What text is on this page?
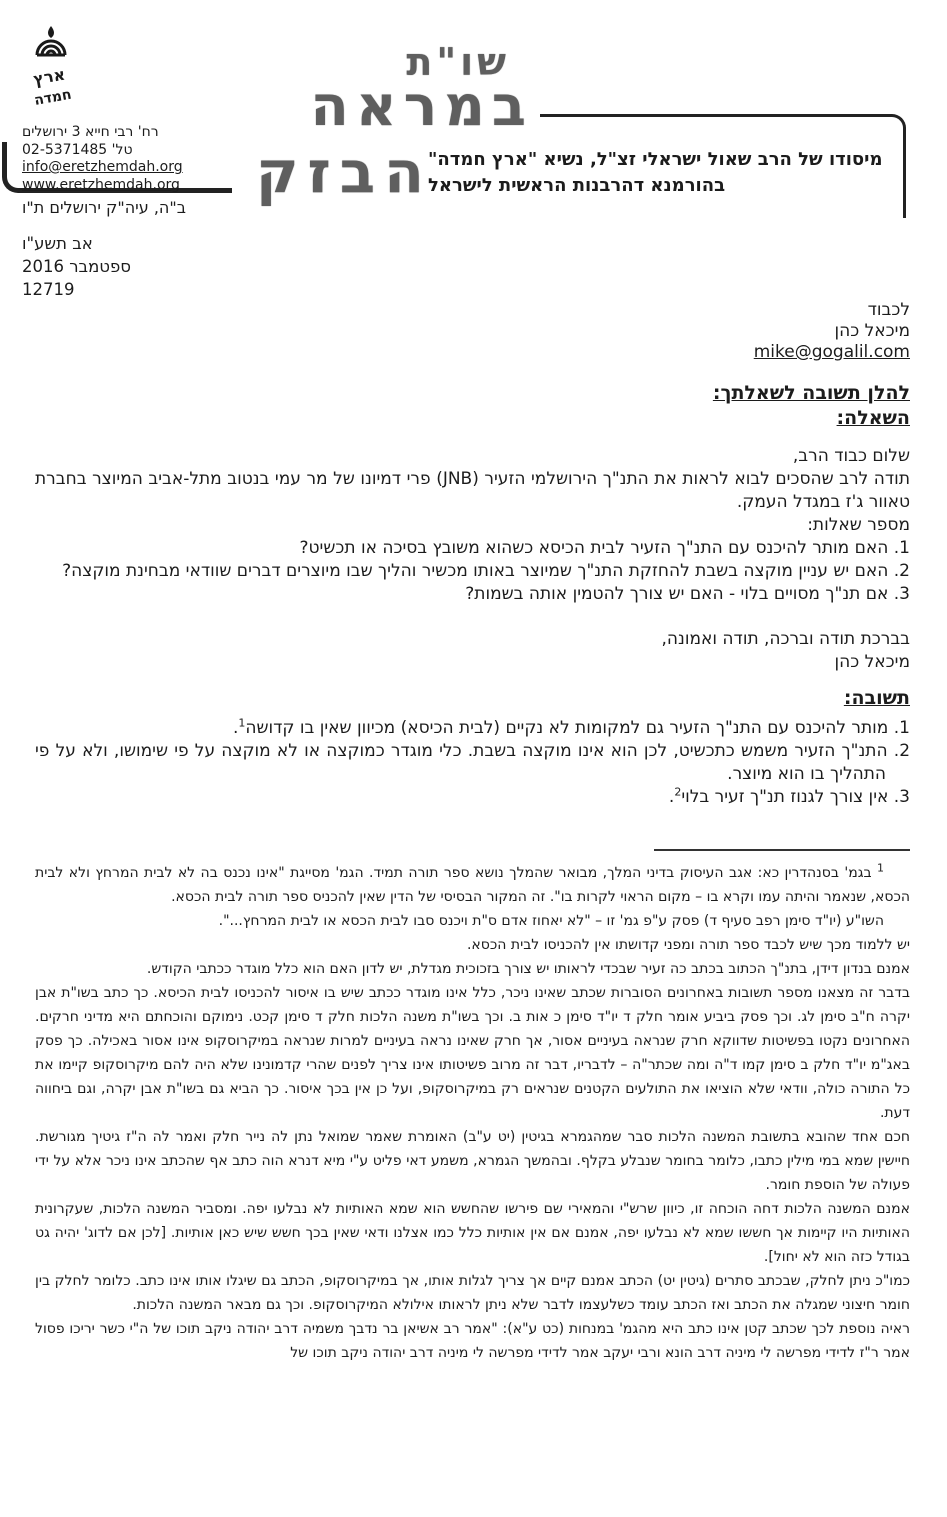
ארץ
חמדה
רח' רבי חייא 3 ירושלים
טל' 02-5371485
info@eretzhemdah.org
www.eretzhemdah.org
ב"ה, עיה"ק ירושלים ת"ו
שו"ת
במראה
הבזק
מיסודו של הרב שאול ישראלי זצ"ל, נשיא "ארץ חמדה"
בהורמנא דהרבנות הראשית לישראל
אב תשע"ו
ספטמבר 2016
12719
לכבוד
מיכאל כהן
mike@gogalil.com
להלן תשובה לשאלתך:
השאלה:
שלום כבוד הרב,
תודה לרב שהסכים לבוא לראות את התנ"ך הירושלמי הזעיר (JNB) פרי דמיונו של מר עמי בנטוב מתל-אביב המיוצר בחברת טאוור ג'ז במגדל העמק.
מספר שאלות:
1. האם מותר להיכנס עם התנ"ך הזעיר לבית הכיסא כשהוא משובץ בסיכה או תכשיט?
2. האם יש עניין מוקצה בשבת להחזקת התנ"ך שמיוצר באותו מכשיר והליך שבו מיוצרים דברים שוודאי מבחינת מוקצה?
3. אם תנ"ך מסויים בלוי - האם יש צורך להטמין אותה בשמות?
בברכת תודה וברכה, תודה ואמונה,
מיכאל כהן
תשובה:
1. מותר להיכנס עם התנ"ך הזעיר גם למקומות לא נקיים (לבית הכיסא) מכיוון שאין בו קדושה$^1$.
2. התנ"ך הזעיר משמש כתכשיט, לכן הוא אינו מוקצה בשבת. כלי מוגדר כמוקצה או לא מוקצה על פי שימושו, ולא על פי התהליך בו הוא מיוצר.
3. אין צורך לגנוז תנ"ך זעיר בלוי$^2$.

$^1$ בגמ' בסנהדרין כא: אגב העיסוק בדיני המלך, מבואר שהמלך נושא ספר תורה תמיד. הגמ' מסייגת "אינו נכנס בה לא לבית המרחץ ולא לבית הכסא, שנאמר והיתה עמו וקרא בו – מקום הראוי לקרות בו". זה המקור הבסיסי של הדין שאין להכניס ספר תורה לבית הכסא.

השו"ע (יו"ד סימן רפב סעיף ד) פסק ע"פ גמ' זו – "לא יאחוז אדם ס"ת ויכנס סבו לבית הכסא או לבית המרחץ...".

יש ללמוד מכך שיש לכבד ספר תורה ומפני קדושתו אין להכניסו לבית הכסא.

אמנם בנדון דידן, בתנ"ך הכתוב בכתב כה זעיר שבכדי לראותו יש צורך בזכוכית מגדלת, יש לדון האם הוא כלל מוגדר ככתבי הקודש.

בדבר זה מצאנו מספר תשובות באחרונים הסוברות שכתב שאינו ניכר, כלל אינו מוגדר ככתב שיש בו איסור להכניסו לבית הכיסא. כך כתב בשו"ת אבן יקרה ח"ב סימן לג. וכך פסק ביביע אומר חלק ד יו"ד סימן כ אות ב. וכך בשו"ת משנה הלכות חלק ד סימן קכט. נימוקם והוכחתם היא מדיני חרקים. האחרונים נקטו בפשיטות שדווקא חרק שנראה בעיניים אסור, אך חרק שאינו נראה בעיניים למרות שנראה במיקרוסקופ אינו אסור באכילה. כך פסק באג"מ יו"ד חלק ב סימן קמו ד"ה ומה שכתר"ה – לדבריו, דבר זה מרוב פשיטותו אינו צריך לפנים שהרי קדמונינו שלא היה להם מיקרוסקופ קיימו את כל התורה כולה, וודאי שלא הוציאו את התולעים הקטנים שנראים רק במיקרוסקופ, ועל כן אין בכך איסור. כך הביא גם בשו"ת אבן יקרה, וגם ביחווה דעת.

חכם אחד שהובא בתשובת המשנה הלכות סבר שמהגמרא בגיטין (יט ע"ב) האומרת שאמר שמואל נתן לה נייר חלק ואמר לה ה"ז גיטיך מגורשת. חיישין שמא במי מילין כתבו, כלומר בחומר שנבלע בקלף. ובהמשך הגמרא, משמע דאי פליט ע"י מיא דנרא הוה כתב אף שהכתב אינו ניכר אלא על ידי פעולה של הוספת חומר.

אמנם המשנה הלכות דחה הוכחה זו, כיוון שרש"י והמאירי שם פירשו שהחשש הוא שמא האותיות לא נבלעו יפה. ומסביר המשנה הלכות, שעקרונית האותיות היו קיימות אך חששו שמא לא נבלעו יפה, אמנם אם אין אותיות כלל כמו אצלנו ודאי שאין בכך חשש שיש כאן אותיות. [לכן אם לדוג' יהיה גט בגודל כזה הוא לא יחול].

כמו"כ ניתן לחלק, שבכתב סתרים (גיטין יט) הכתב אמנם קיים אך צריך לגלות אותו, אך במיקרוסקופ, הכתב גם שיגלו אותו אינו כתב. כלומר לחלק בין חומר חיצוני שמגלה את הכתב ואז הכתב עומד כשלעצמו לדבר שלא ניתן לראותו אילולא המיקרוסקופ. וכך גם מבאר המשנה הלכות.

ראיה נוספת לכך שכתב קטן אינו כתב היא מהגמ' במנחות (כט ע"א): "אמר רב אשיאן בר נדבך משמיה דרב יהודה ניקב תוכו של ה"י כשר יריכו פסול אמר ר"ז לדידי מפרשה לי מיניה דרב הונא ורבי יעקב אמר לדידי מפרשה לי מיניה דרב יהודה ניקב תוכו של
